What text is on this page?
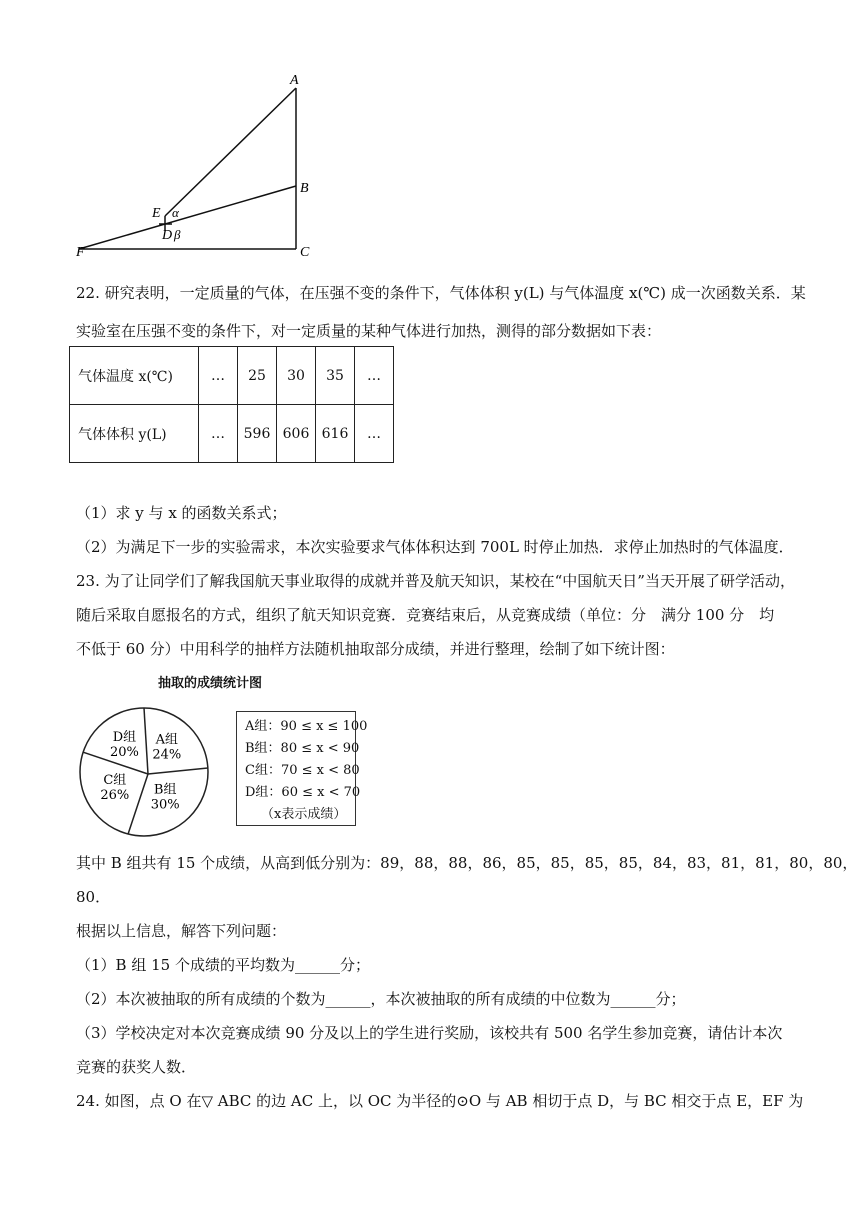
A
B
C
E α
D β
F
22. 研究表明，一定质量的气体，在压强不变的条件下，气体体积 y(L) 与气体温度 x(℃) 成一次函数关系．某
实验室在压强不变的条件下，对一定质量的某种气体进行加热，测得的部分数据如下表：
气体温度 x(℃)	…	25	30	35	…
气体体积 y(L)	…	596	606	616	…
（1）求 y 与 x 的函数关系式；
（2）为满足下一步的实验需求，本次实验要求气体体积达到 700L 时停止加热．求停止加热时的气体温度．
23. 为了让同学们了解我国航天事业取得的成就并普及航天知识，某校在“中国航天日”当天开展了研学活动，
随后采取自愿报名的方式，组织了航天知识竞赛．竞赛结束后，从竞赛成绩（单位：分　满分 100 分　均
不低于 60 分）中用科学的抽样方法随机抽取部分成绩，并进行整理，绘制了如下统计图：
抽取的成绩统计图
A组
24%
B组
30%
C组
26%
D组
20%
A组：90 ≤ x ≤ 100
B组：80 ≤ x < 90
C组：70 ≤ x < 80
D组：60 ≤ x < 70
（x表示成绩）
其中 B 组共有 15 个成绩，从高到低分别为：89，88，88，86，85，85，85，85，84，83，81，81，80，80，
80．
根据以上信息，解答下列问题：
（1）B 组 15 个成绩的平均数为______分；
（2）本次被抽取的所有成绩的个数为______，本次被抽取的所有成绩的中位数为______分；
（3）学校决定对本次竞赛成绩 90 分及以上的学生进行奖励，该校共有 500 名学生参加竞赛，请估计本次
竞赛的获奖人数．
24. 如图，点 O 在▽ ABC 的边 AC 上，以 OC 为半径的⊙O 与 AB 相切于点 D，与 BC 相交于点 E，EF 为
